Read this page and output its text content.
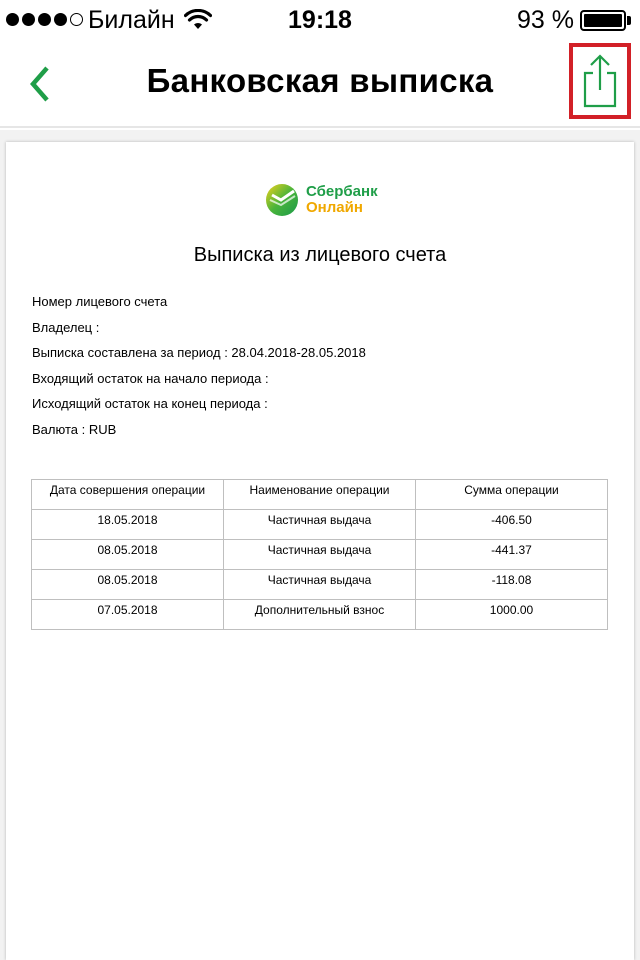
Билайн	19:18	93 %
Банковская выписка
Сбербанк
Онлайн
Выписка из лицевого счета
Номер лицевого счета
Владелец :
Выписка составлена за период : 28.04.2018-28.05.2018
Входящий остаток на начало периода :
Исходящий остаток на конец периода :
Валюта : RUB
Дата совершения операции	Наименование операции	Сумма операции
18.05.2018	Частичная выдача	-406.50
08.05.2018	Частичная выдача	-441.37
08.05.2018	Частичная выдача	-118.08
07.05.2018	Дополнительный взнос	1000.00
